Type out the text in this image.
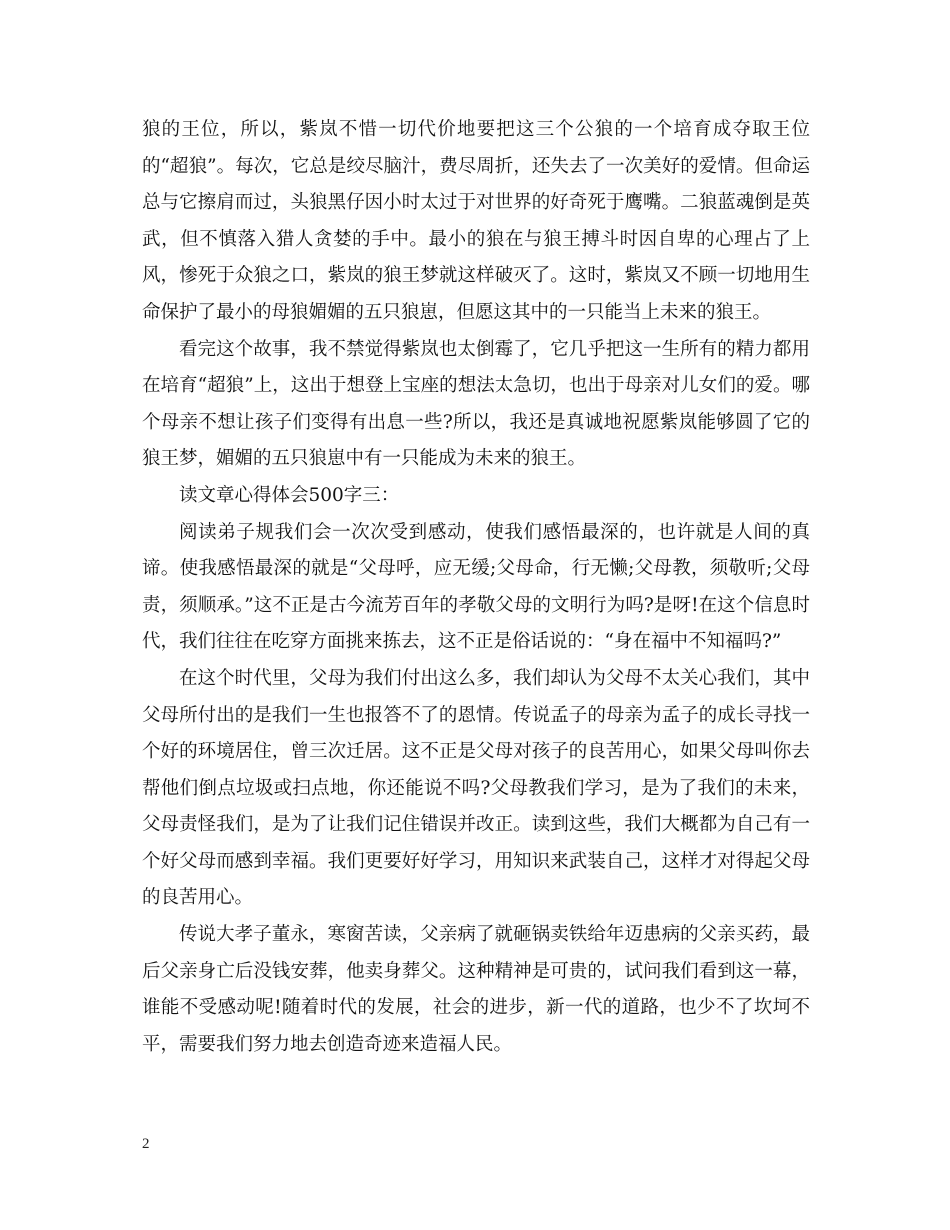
狼的王位，所以，紫岚不惜一切代价地要把这三个公狼的一个培育成夺取王位的“超狼”。每次，它总是绞尽脑汁，费尽周折，还失去了一次美好的爱情。但命运总与它擦肩而过，头狼黑仔因小时太过于对世界的好奇死于鹰嘴。二狼蓝魂倒是英武，但不慎落入猎人贪婪的手中。最小的狼在与狼王搏斗时因自卑的心理占了上风，惨死于众狼之口，紫岚的狼王梦就这样破灭了。这时，紫岚又不顾一切地用生命保护了最小的母狼媚媚的五只狼崽，但愿这其中的一只能当上未来的狼王。

看完这个故事，我不禁觉得紫岚也太倒霉了，它几乎把这一生所有的精力都用在培育“超狼”上，这出于想登上宝座的想法太急切，也出于母亲对儿女们的爱。哪个母亲不想让孩子们变得有出息一些?所以，我还是真诚地祝愿紫岚能够圆了它的狼王梦，媚媚的五只狼崽中有一只能成为未来的狼王。

读文章心得体会500字三：

阅读弟子规我们会一次次受到感动，使我们感悟最深的，也许就是人间的真谛。使我感悟最深的就是“父母呼，应无缓;父母命，行无懒;父母教，须敬听;父母责，须顺承。”这不正是古今流芳百年的孝敬父母的文明行为吗?是呀!在这个信息时代，我们往往在吃穿方面挑来拣去，这不正是俗话说的：“身在福中不知福吗?”

在这个时代里，父母为我们付出这么多，我们却认为父母不太关心我们，其中父母所付出的是我们一生也报答不了的恩情。传说孟子的母亲为孟子的成长寻找一个好的环境居住，曾三次迁居。这不正是父母对孩子的良苦用心，如果父母叫你去帮他们倒点垃圾或扫点地，你还能说不吗?父母教我们学习，是为了我们的未来，父母责怪我们，是为了让我们记住错误并改正。读到这些，我们大概都为自己有一个好父母而感到幸福。我们更要好好学习，用知识来武装自己，这样才对得起父母的良苦用心。

传说大孝子董永，寒窗苦读，父亲病了就砸锅卖铁给年迈患病的父亲买药，最后父亲身亡后没钱安葬，他卖身葬父。这种精神是可贵的，试问我们看到这一幕，谁能不受感动呢!随着时代的发展，社会的进步，新一代的道路，也少不了坎坷不平，需要我们努力地去创造奇迹来造福人民。

2
